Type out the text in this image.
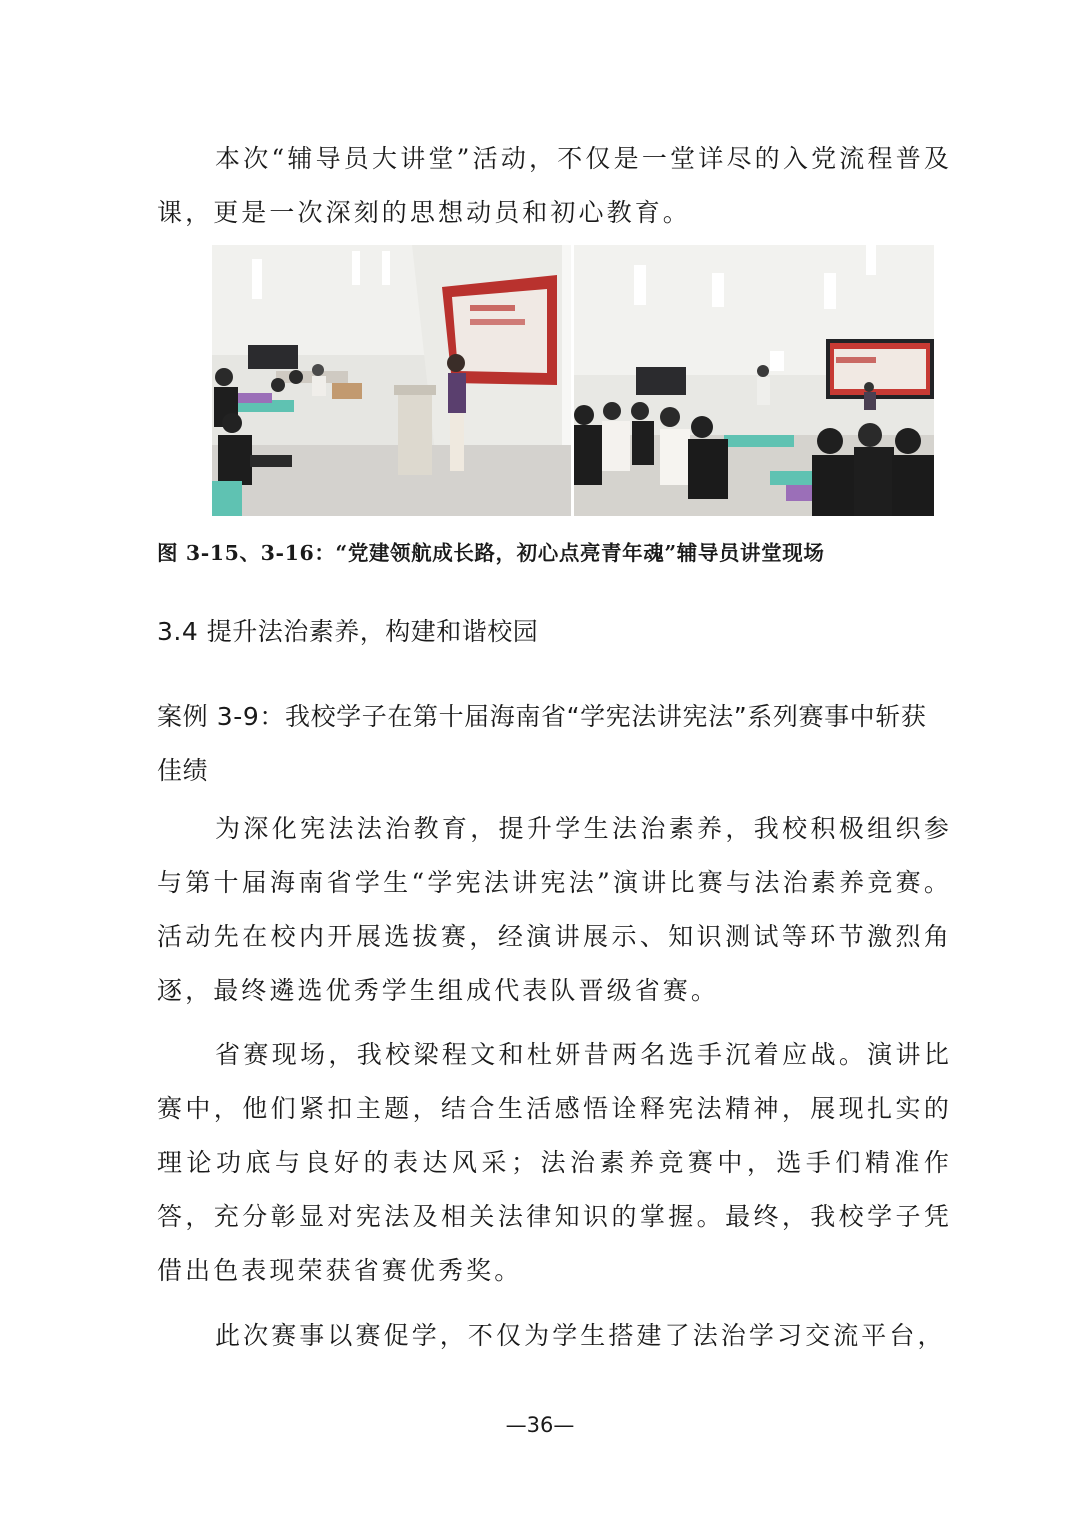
本次“辅导员大讲堂”活动，不仅是一堂详尽的入党流程普及课，更是一次深刻的思想动员和初心教育。

图 3-15、3-16：“党建领航成长路，初心点亮青年魂”辅导员讲堂现场

3.4 提升法治素养，构建和谐校园
案例 3-9：我校学子在第十届海南省“学宪法讲宪法”系列赛事中斩获佳绩

为深化宪法法治教育，提升学生法治素养，我校积极组织参与第十届海南省学生“学宪法讲宪法”演讲比赛与法治素养竞赛。活动先在校内开展选拔赛，经演讲展示、知识测试等环节激烈角逐，最终遴选优秀学生组成代表队晋级省赛。

省赛现场，我校梁程文和杜妍昔两名选手沉着应战。演讲比赛中，他们紧扣主题，结合生活感悟诠释宪法精神，展现扎实的理论功底与良好的表达风采；法治素养竞赛中，选手们精准作答，充分彰显对宪法及相关法律知识的掌握。最终，我校学子凭借出色表现荣获省赛优秀奖。

此次赛事以赛促学，不仅为学生搭建了法治学习交流平台，

—36—
